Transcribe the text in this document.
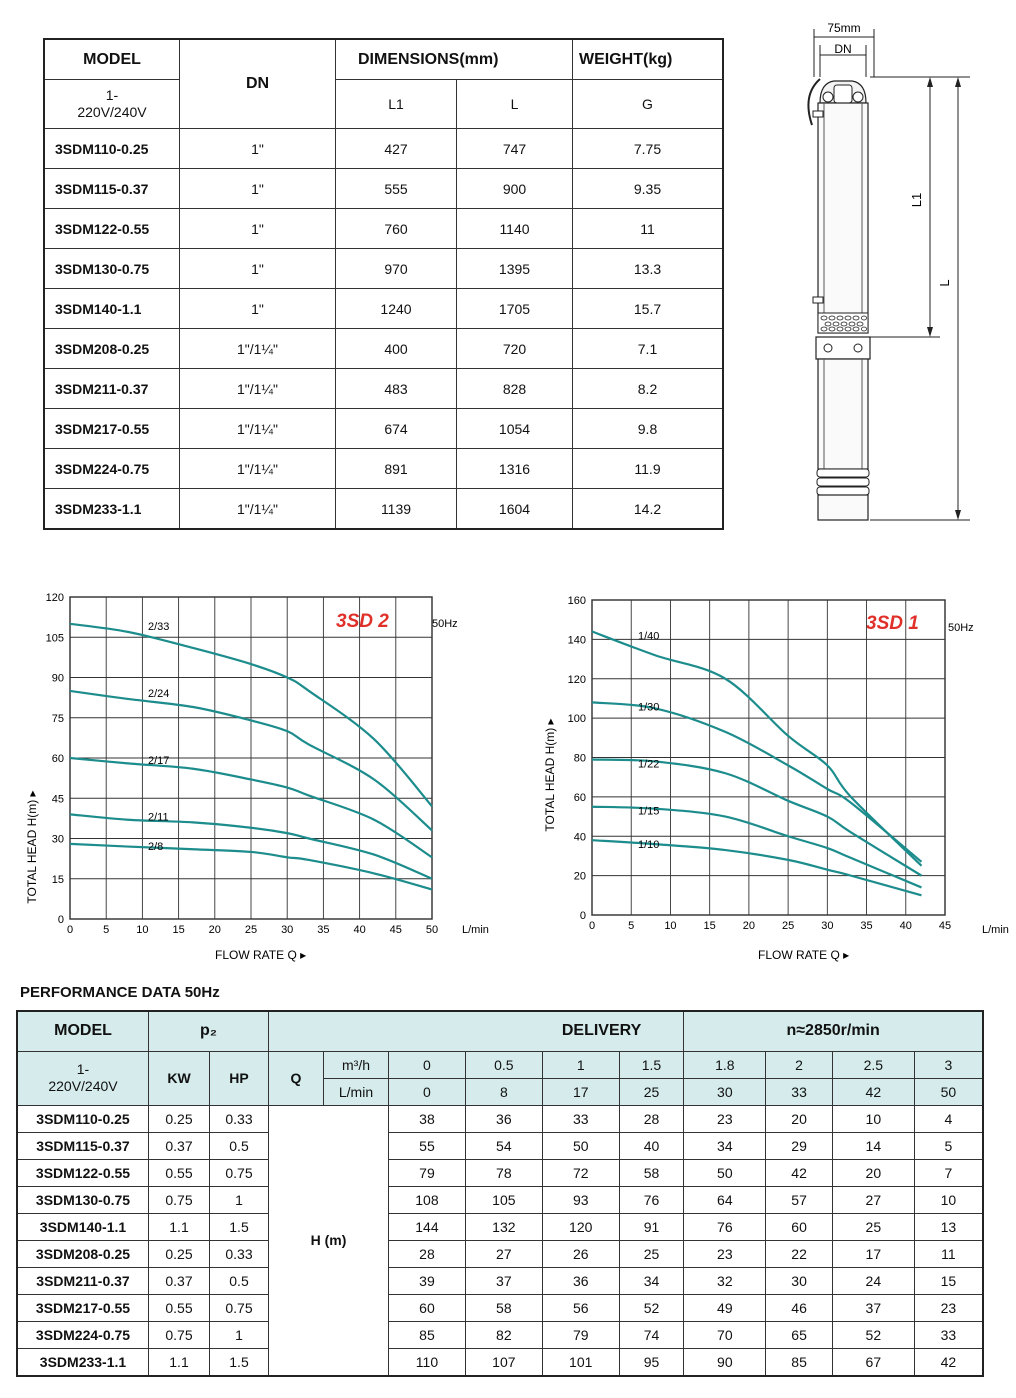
MODEL	DN	DIMENSIONS(mm)		WEIGHT(kg)
1-
220V/240V		L1	L	G
3SDM110-0.25	1"	427	747	7.75
3SDM115-0.37	1"	555	900	9.35
3SDM122-0.55	1"	760	1140	11
3SDM130-0.75	1"	970	1395	13.3
3SDM140-1.1	1"	1240	1705	15.7
3SDM208-0.25	1"/1¼"	400	720	7.1
3SDM211-0.37	1"/1¼"	483	828	8.2
3SDM217-0.55	1"/1¼"	674	1054	9.8
3SDM224-0.75	1"/1¼"	891	1316	11.9
3SDM233-1.1	1"/1¼"	1139	1604	14.2
75mm
DN
L1
L
3SD 2	50Hz
FLOW RATE Q ▸
L/min
TOTAL HEAD H(m) ▸
0	5 10 15 20 25 30 35 40 45 50
0
15
30
45
60
75
90
105
120
2/33
2/24
2/17
2/11
2/8
3SD 1	50Hz
FLOW RATE Q ▸
L/min
TOTAL HEAD H(m) ▸
0	5	10 15 20 25 30 35 40 45
0
20
40
60
80
100
120
140
160
1/40
1/30
1/22
1/15
1/10
PERFORMANCE DATA 50Hz
MODEL	p₂		DELIVERY						n≈2850r/min			
1-
220V/240V	KW	HP	Q	m³/h	0	0.5	1	1.5	1.8	2	2.5	3
				L/min	0	8	17	25	30	33	42	50
3SDM110-0.25	0.25	0.33	H (m)		38	36	33	28	23	20	10	4
3SDM115-0.37	0.37	0.5			55	54	50	40	34	29	14	5
3SDM122-0.55	0.55	0.75			79	78	72	58	50	42	20	7
3SDM130-0.75	0.75	1			108	105	93	76	64	57	27	10
3SDM140-1.1	1.1	1.5			144	132	120	91	76	60	25	13
3SDM208-0.25	0.25	0.33			28	27	26	25	23	22	17	11
3SDM211-0.37	0.37	0.5			39	37	36	34	32	30	24	15
3SDM217-0.55	0.55	0.75			60	58	56	52	49	46	37	23
3SDM224-0.75	0.75	1			85	82	79	74	70	65	52	33
3SDM233-1.1	1.1	1.5			110	107	101	95	90	85	67	42
